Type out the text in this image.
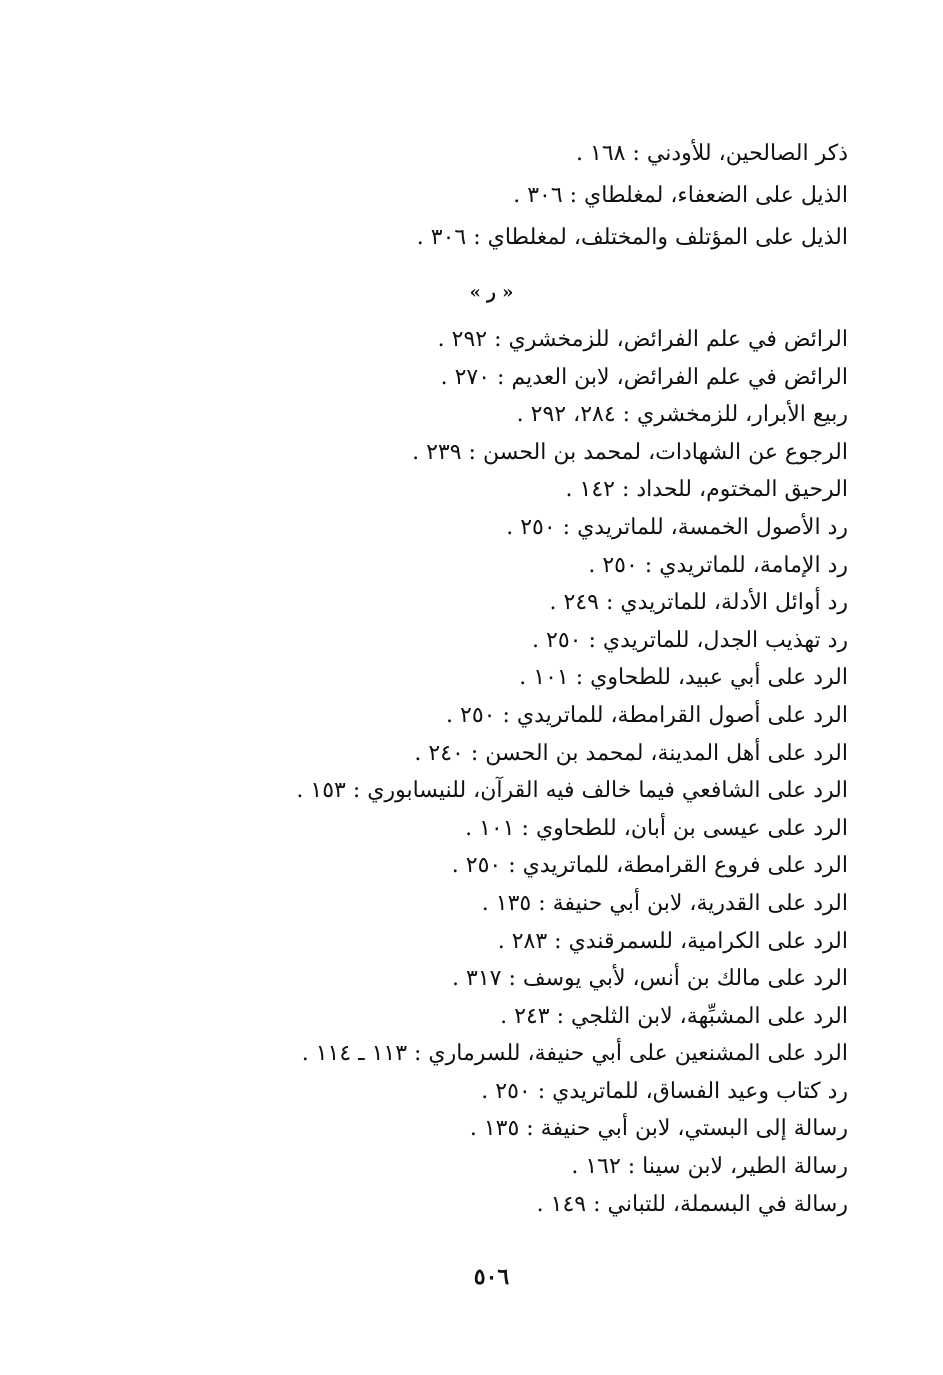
ذكر الصالحين، للأودني : ١٦٨ .
الذيل على الضعفاء، لمغلطاي : ٣٠٦ .
الذيل على المؤتلف والمختلف، لمغلطاي : ٣٠٦ .
« ر »
الرائض في علم الفرائض، للزمخشري : ٢٩٢ .
الرائض في علم الفرائض، لابن العديم : ٢٧٠ .
ربيع الأبرار، للزمخشري : ٢٨٤، ٢٩٢ .
الرجوع عن الشهادات، لمحمد بن الحسن : ٢٣٩ .
الرحيق المختوم، للحداد : ١٤٢ .
رد الأصول الخمسة، للماتريدي : ٢٥٠ .
رد الإمامة، للماتريدي : ٢٥٠ .
رد أوائل الأدلة، للماتريدي : ٢٤٩ .
رد تهذيب الجدل، للماتريدي : ٢٥٠ .
الرد على أبي عبيد، للطحاوي : ١٠١ .
الرد على أصول القرامطة، للماتريدي : ٢٥٠ .
الرد على أهل المدينة، لمحمد بن الحسن : ٢٤٠ .
الرد على الشافعي فيما خالف فيه القرآن، للنيسابوري : ١٥٣ .
الرد على عيسى بن أبان، للطحاوي : ١٠١ .
الرد على فروع القرامطة، للماتريدي : ٢٥٠ .
الرد على القدرية، لابن أبي حنيفة : ١٣٥ .
الرد على الكرامية، للسمرقندي : ٢٨٣ .
الرد على مالك بن أنس، لأبي يوسف : ٣١٧ .
الرد على المشبِّهة، لابن الثلجي : ٢٤٣ .
الرد على المشنعين على أبي حنيفة، للسرماري : ١١٣ ـ ١١٤ .
رد كتاب وعيد الفساق، للماتريدي : ٢٥٠ .
رسالة إلى البستي، لابن أبي حنيفة : ١٣٥ .
رسالة الطير، لابن سينا : ١٦٢ .
رسالة في البسملة، للتباني : ١٤٩ .
٥٠٦
